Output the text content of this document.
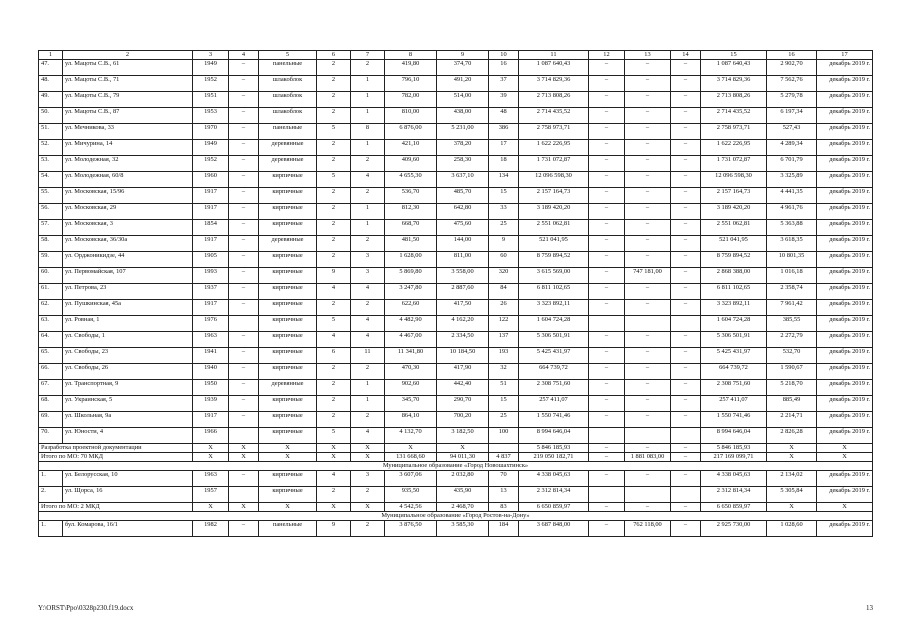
1	2	3	4	5	6	7	8	9	10	11	12	13	14	15	16	17
47.	ул. Мацоты С.В., 61	1949	–	панельные	2	2	419,80	374,70	16	1 087 640,43	–	–	–	1 087 640,43	2 902,70	декабрь 2019 г.
48.	ул. Мацоты С.В., 71	1952	–	шлакоблок	2	1	796,10	491,20	37	3 714 829,36	–	–	–	3 714 829,36	7 562,76	декабрь 2019 г.
49.	ул. Мацоты С.В., 79	1951	–	шлакоблок	2	1	782,00	514,00	39	2 713 808,26	–	–	–	2 713 808,26	5 279,78	декабрь 2019 г.
50.	ул. Мацоты С.В., 87	1953	–	шлакоблок	2	1	810,00	438,00	48	2 714 435,52	–	–	–	2 714 435,52	6 197,34	декабрь 2019 г.
51.	ул. Мечникова, 33	1970	–	панельные	5	8	6 876,00	5 231,00	386	2 758 973,71	–	–	–	2 758 973,71	527,43	декабрь 2019 г.
52.	ул. Мичурина, 14	1949	–	деревянные	2	1	421,10	378,20	17	1 622 226,95	–	–	–	1 622 226,95	4 289,34	декабрь 2019 г.
53.	ул. Молодежная, 32	1952	–	деревянные	2	2	409,60	258,30	18	1 731 072,87	–	–	–	1 731 072,87	6 701,79	декабрь 2019 г.
54.	ул. Молодежная, 60/8	1960	–	кирпичные	5	4	4 655,30	3 637,10	134	12 096 598,30	–	–	–	12 096 598,30	3 325,89	декабрь 2019 г.
55.	ул. Московская, 15/96	1917	–	кирпичные	2	2	536,70	485,70	15	2 157 164,73	–	–	–	2 157 164,73	4 441,35	декабрь 2019 г.
56.	ул. Московская, 29	1917	–	кирпичные	2	1	812,30	642,80	33	3 189 420,20	–	–	–	3 189 420,20	4 961,76	декабрь 2019 г.
57.	ул. Московская, 3	1854	–	кирпичные	2	1	668,70	475,60	25	2 551 062,81	–	–	–	2 551 062,81	5 363,88	декабрь 2019 г.
58.	ул. Московская, 36/30а	1917	–	деревянные	2	2	481,50	144,00	9	521 041,95	–	–	–	521 041,95	3 618,35	декабрь 2019 г.
59.	ул. Орджоникидзе, 44	1905	–	кирпичные	2	3	1 628,00	811,00	60	8 759 894,52	–	–	–	8 759 894,52	10 801,35	декабрь 2019 г.
60.	ул. Первомайская, 107	1993	–	кирпичные	9	3	5 869,80	3 558,00	320	3 615 569,00	–	747 181,00	–	2 868 388,00	1 016,18	декабрь 2019 г.
61.	ул. Петрова, 23	1937	–	кирпичные	4	4	3 247,80	2 887,60	84	6 811 102,65	–	–	–	6 811 102,65	2 358,74	декабрь 2019 г.
62.	ул. Пушкинская, 45а	1917	–	кирпичные	2	2	622,60	417,50	26	3 323 892,11	–	–	–	3 323 892,11	7 961,42	декабрь 2019 г.
63.	ул. Ровная, 1	1976		кирпичные	5	4	4 482,90	4 162,20	122	1 604 724,28				1 604 724,28	385,55	декабрь 2019 г.
64.	ул. Свободы, 1	1963	–	кирпичные	4	4	4 467,00	2 334,50	137	5 306 501,91	–	–	–	5 306 501,91	2 272,79	декабрь 2019 г.
65.	ул. Свободы, 23	1941	–	кирпичные	6	11	11 341,80	10 184,50	193	5 425 431,97	–	–	–	5 425 431,97	532,70	декабрь 2019 г.
66.	ул. Свободы, 26	1940	–	кирпичные	2	2	470,30	417,90	32	664 739,72	–	–	–	664 739,72	1 590,67	декабрь 2019 г.
67.	ул. Транспортная, 9	1950	–	деревянные	2	1	902,60	442,40	51	2 308 751,60	–	–	–	2 308 751,60	5 218,70	декабрь 2019 г.
68.	ул. Украинская, 5	1939	–	кирпичные	2	1	345,70	290,70	15	257 411,07	–	–	–	257 411,07	885,49	декабрь 2019 г.
69.	ул. Школьная, 9а	1917	–	кирпичные	2	2	864,10	700,20	25	1 550 741,46	–	–	–	1 550 741,46	2 214,71	декабрь 2019 г.
70.	ул. Юности, 4	1966		кирпичные	5	4	4 132,70	3 182,50	100	8 994 646,04				8 994 646,04	2 826,28	декабрь 2019 г.
Разработка проектной документации		X	X	X	X	X	X	X		5 846 185,93	–	–	–	5 846 185,93	X	X
Итого по МО: 70 МКД		X	X	X	X	X	131 668,60	94 011,30	4 837	219 050 182,71	–	1 881 083,00	–	217 169 099,71	X	X
Муниципальное образование «Город Новошахтинск»																
1.	ул. Белорусская, 10	1963	–	кирпичные	4	3	3 607,06	2 032,80	70	4 338 045,63	–	–	–	4 338 045,63	2 134,02	декабрь 2019 г.
2.	ул. Щорса, 16	1957		кирпичные	2	2	935,50	435,90	13	2 312 814,34				2 312 814,34	5 305,84	декабрь 2019 г.
Итого по МО: 2 МКД		X	X	X	X	X	4 542,56	2 468,70	83	6 650 859,97	–	–	–	6 650 859,97	X	X
Муниципальное образование «Город Ростов-на-Дону»																
1.	бул. Комарова, 16/1	1982	–	панельные	9	2	3 876,50	3 585,30	184	3 687 848,00	–	762 118,00	–	2 925 730,00	1 028,60	декабрь 2019 г.
Y:\ORST\Ppo\0328p230.f19.docx	13
